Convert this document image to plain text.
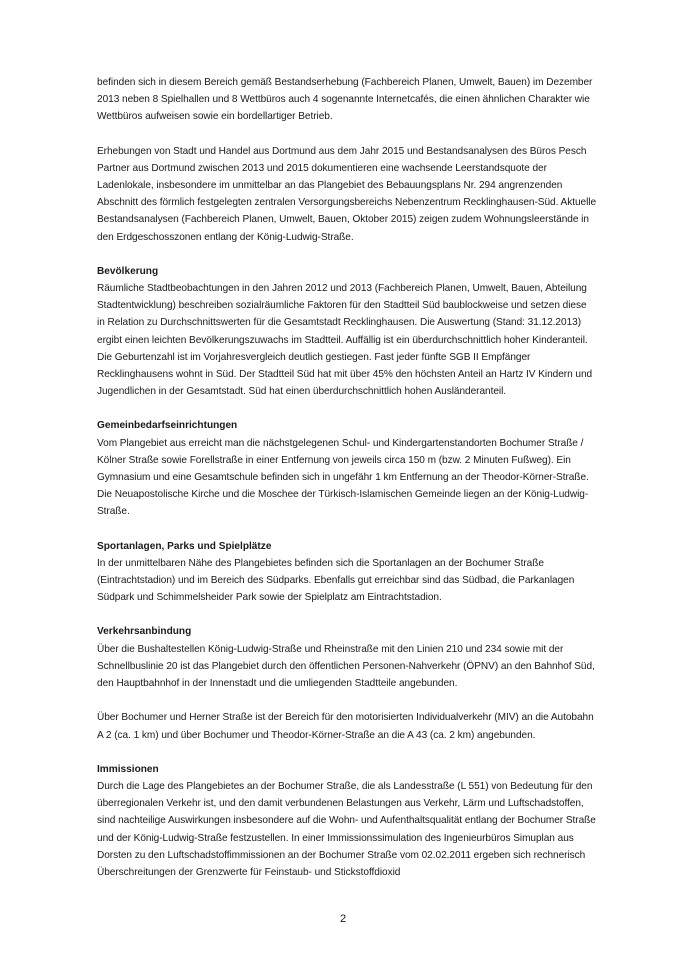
befinden sich in diesem Bereich gemäß Bestandserhebung (Fachbereich Planen, Umwelt, Bauen) im Dezember 2013 neben 8 Spielhallen und 8 Wettbüros auch 4 sogenannte Internetcafés, die einen ähnlichen Charakter wie Wettbüros aufweisen sowie ein bordellartiger Betrieb.

Erhebungen von Stadt und Handel aus Dortmund aus dem Jahr 2015 und Bestandsanalysen des Büros Pesch Partner aus Dortmund zwischen 2013 und 2015 dokumentieren eine wachsende Leerstandsquote der Ladenlokale, insbesondere im unmittelbar an das Plangebiet des Bebauungsplans Nr. 294 angrenzenden Abschnitt des förmlich festgelegten zentralen Versorgungsbereichs Nebenzentrum Recklinghausen-Süd. Aktuelle Bestandsanalysen (Fachbereich Planen, Umwelt, Bauen, Oktober 2015) zeigen zudem Wohnungsleerstände in den Erdgeschosszonen entlang der König-Ludwig-Straße.

Bevölkerung

Räumliche Stadtbeobachtungen in den Jahren 2012 und 2013 (Fachbereich Planen, Umwelt, Bauen, Abteilung Stadtentwicklung) beschreiben sozialräumliche Faktoren für den Stadtteil Süd baublockweise und setzen diese in Relation zu Durchschnittswerten für die Gesamtstadt Recklinghausen. Die Auswertung (Stand: 31.12.2013) ergibt einen leichten Bevölkerungszuwachs im Stadtteil. Auffällig ist ein überdurchschnittlich hoher Kinderanteil. Die Geburtenzahl ist im Vorjahresvergleich deutlich gestiegen. Fast jeder fünfte SGB II Empfänger Recklinghausens wohnt in Süd. Der Stadtteil Süd hat mit über 45% den höchsten Anteil an Hartz IV Kindern und Jugendlichen in der Gesamtstadt. Süd hat einen überdurchschnittlich hohen Ausländeranteil.

Gemeinbedarfseinrichtungen

Vom Plangebiet aus erreicht man die nächstgelegenen Schul- und Kindergartenstandorten Bochumer Straße / Kölner Straße sowie Forellstraße in einer Entfernung von jeweils circa 150 m (bzw. 2 Minuten Fußweg). Ein Gymnasium und eine Gesamtschule befinden sich in ungefähr 1 km Entfernung an der Theodor-Körner-Straße.

Die Neuapostolische Kirche und die Moschee der Türkisch-Islamischen Gemeinde liegen an der König-Ludwig-Straße.

Sportanlagen, Parks und Spielplätze

In der unmittelbaren Nähe des Plangebietes befinden sich die Sportanlagen an der Bochumer Straße (Eintrachtstadion) und im Bereich des Südparks. Ebenfalls gut erreichbar sind das Südbad, die Parkanlagen Südpark und Schimmelsheider Park sowie der Spielplatz am Eintrachtstadion.

Verkehrsanbindung

Über die Bushaltestellen König-Ludwig-Straße und Rheinstraße mit den Linien 210 und 234 sowie mit der Schnellbuslinie 20 ist das Plangebiet durch den öffentlichen Personen-Nahverkehr (ÖPNV) an den Bahnhof Süd, den Hauptbahnhof in der Innenstadt und die umliegenden Stadtteile angebunden.

Über Bochumer und Herner Straße ist der Bereich für den motorisierten Individualverkehr (MIV) an die Autobahn A 2 (ca. 1 km) und über Bochumer und Theodor-Körner-Straße an die A 43 (ca. 2 km) angebunden.

Immissionen

Durch die Lage des Plangebietes an der Bochumer Straße, die als Landesstraße (L 551) von Bedeutung für den überregionalen Verkehr ist, und den damit verbundenen Belastungen aus Verkehr, Lärm und Luftschadstoffen, sind nachteilige Auswirkungen insbesondere auf die Wohn- und Aufenthaltsqualität entlang der Bochumer Straße und der König-Ludwig-Straße festzustellen. In einer Immissionssimulation des Ingenieurbüros Simuplan aus Dorsten zu den Luftschadstoffimmissionen an der Bochumer Straße vom 02.02.2011 ergeben sich rechnerisch Überschreitungen der Grenzwerte für Feinstaub- und Stickstoffdioxid

2
